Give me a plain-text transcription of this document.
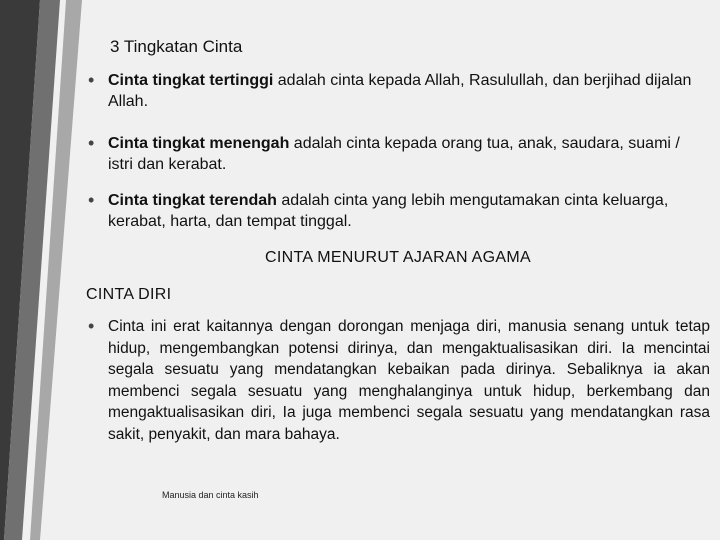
3 Tingkatan Cinta
• Cinta tingkat tertinggi adalah cinta kepada Allah, Rasulullah, dan berjihad dijalan Allah.
• Cinta tingkat menengah adalah cinta kepada orang tua, anak, saudara, suami / istri dan kerabat.
• Cinta tingkat terendah adalah cinta yang lebih mengutamakan cinta keluarga, kerabat, harta, dan tempat tinggal.
CINTA MENURUT AJARAN AGAMA
CINTA DIRI
• Cinta ini erat kaitannya dengan dorongan menjaga diri, manusia senang untuk tetap hidup, mengembangkan potensi dirinya, dan mengaktualisasikan diri. Ia mencintai segala sesuatu yang mendatangkan kebaikan pada dirinya. Sebaliknya ia akan membenci segala sesuatu yang menghalanginya untuk hidup, berkembang dan mengaktualisasikan diri, Ia juga membenci segala sesuatu yang mendatangkan rasa sakit, penyakit, dan mara bahaya.
Manusia dan cinta kasih
